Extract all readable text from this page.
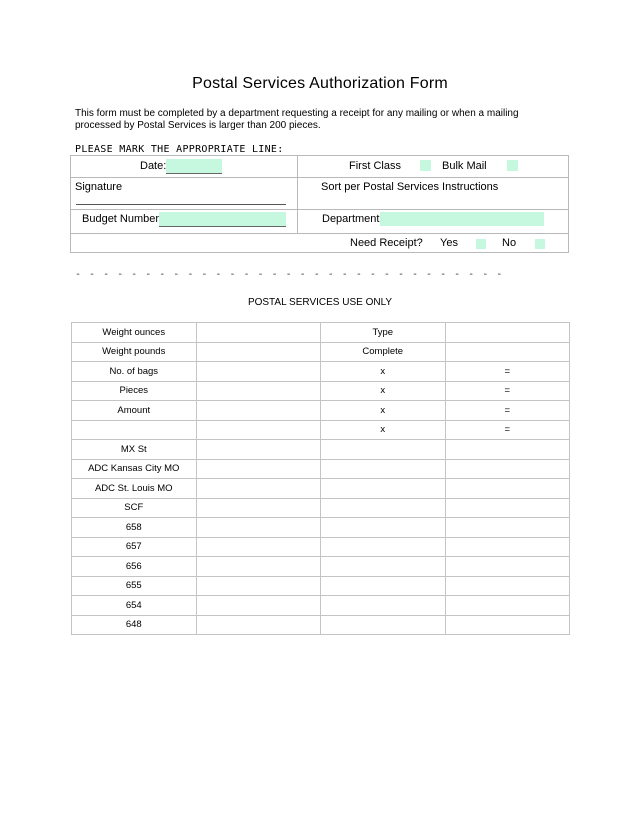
Postal Services Authorization Form
This form must be completed by a department requesting a receipt for any mailing or when a mailing processed by Postal Services is larger than 200 pieces.
PLEASE MARK THE APPROPRIATE LINE:
Date:	First Class	Bulk Mail
Signature	Sort per Postal Services Instructions
Budget Number	Department
Need Receipt? Yes	No
- - - - - - - - - - - - - - - - - - - - - - - - - - - - - - -
POSTAL SERVICES USE ONLY
Weight ounces		Type	
Weight pounds		Complete	
No. of bags		x	=
Pieces		x	=
Amount		x	=
		x	=
MX St			
ADC Kansas City MO			
ADC St. Louis MO			
SCF			
658			
657			
656			
655			
654			
648			
